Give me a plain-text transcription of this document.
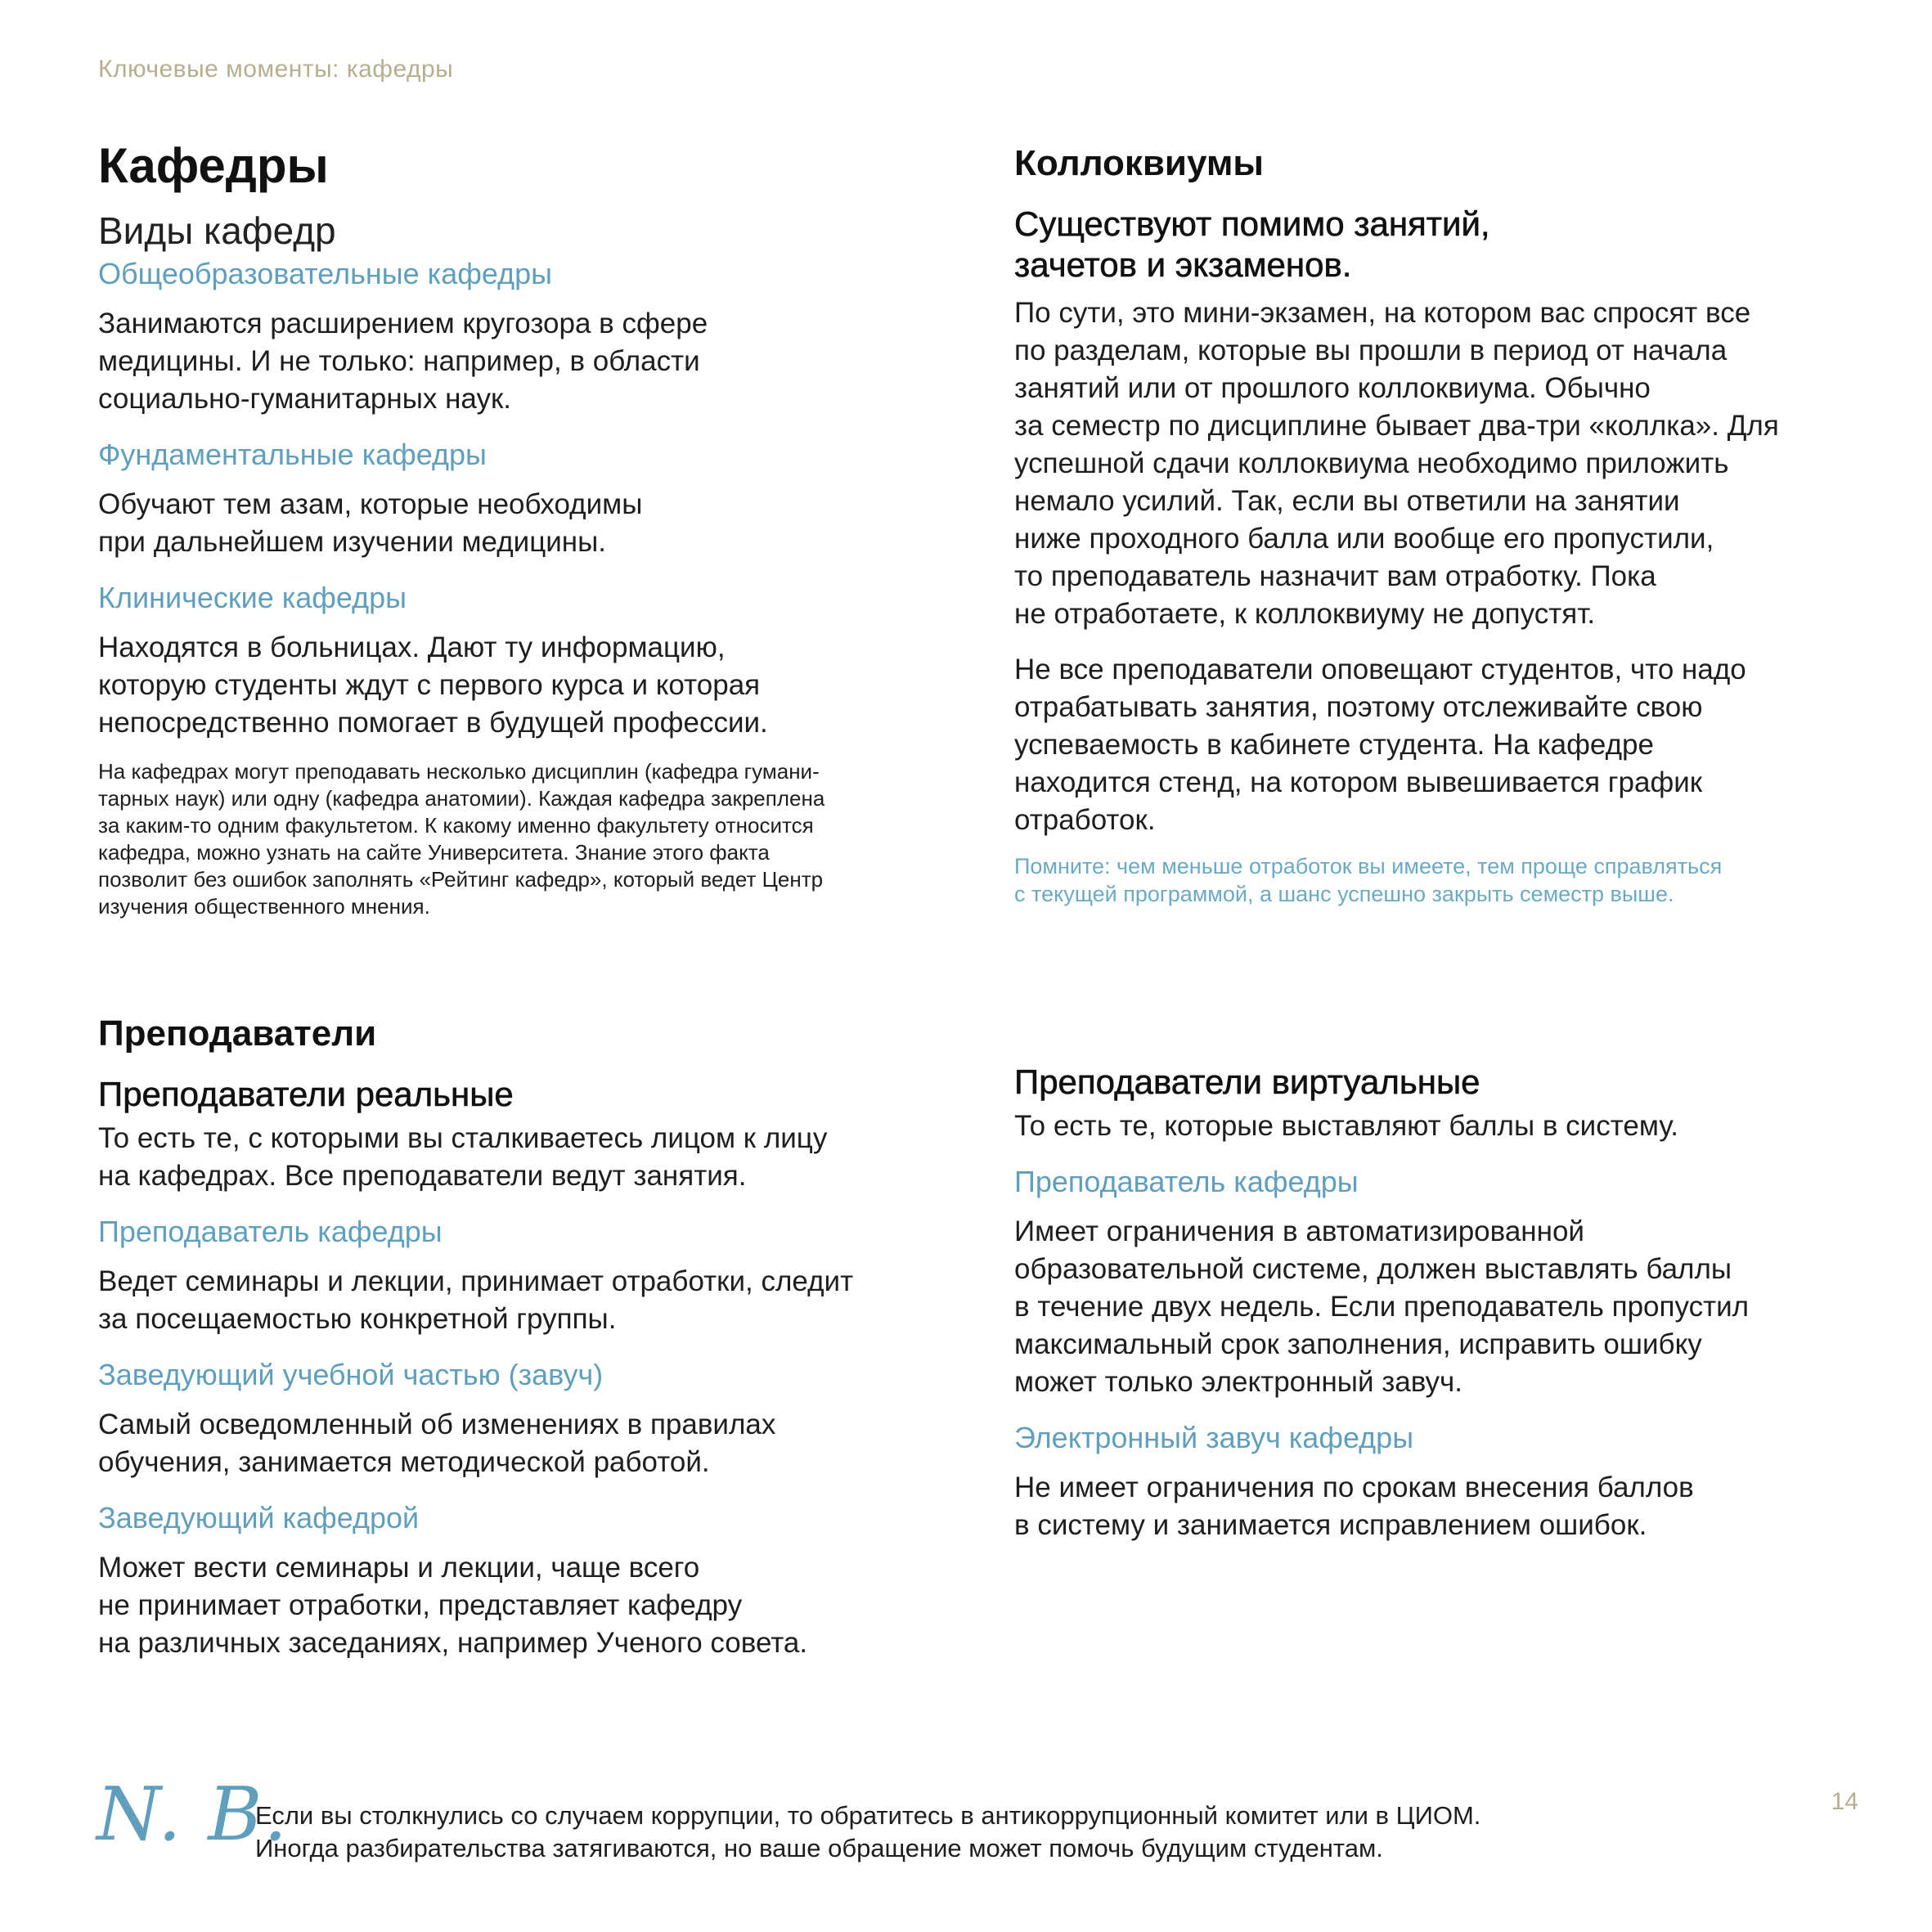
Ключевые моменты: кафедры
Кафедры
Виды кафедр
Общеобразовательные кафедры

Занимаются расширением кругозора в сфере
медицины. И не только: например, в области
социально-гуманитарных наук.

Фундаментальные кафедры

Обучают тем азам, которые необходимы
при дальнейшем изучении медицины.

Клинические кафедры

Находятся в больницах. Дают ту информацию,
которую студенты ждут с первого курса и которая
непосредственно помогает в будущей профессии.

На кафедрах могут преподавать несколько дисциплин (кафедра гумани-
тарных наук) или одну (кафедра анатомии). Каждая кафедра закреплена
за каким-то одним факультетом. К какому именно факультету относится
кафедра, можно узнать на сайте Университета. Знание этого факта
позволит без ошибок заполнять «Рейтинг кафедр», который ведет Центр
изучения общественного мнения.

Коллоквиумы
Существуют помимо занятий,
зачетов и экзаменов.

По сути, это мини-экзамен, на котором вас спросят все
по разделам, которые вы прошли в период от начала
занятий или от прошлого коллоквиума. Обычно
за семестр по дисциплине бывает два-три «коллка». Для
успешной сдачи коллоквиума необходимо приложить
немало усилий. Так, если вы ответили на занятии
ниже проходного балла или вообще его пропустили,
то преподаватель назначит вам отработку. Пока
не отработаете, к коллоквиуму не допустят.

Не все преподаватели оповещают студентов, что надо
отрабатывать занятия, поэтому отслеживайте свою
успеваемость в кабинете студента. На кафедре
находится стенд, на котором вывешивается график
отработок.

Помните: чем меньше отработок вы имеете, тем проще справляться
с текущей программой, а шанс успешно закрыть семестр выше.

Преподаватели
Преподаватели реальные

То есть те, с которыми вы сталкиваетесь лицом к лицу
на кафедрах. Все преподаватели ведут занятия.

Преподаватель кафедры

Ведет семинары и лекции, принимает отработки, следит
за посещаемостью конкретной группы.

Заведующий учебной частью (завуч)

Самый осведомленный об изменениях в правилах
обучения, занимается методической работой.

Заведующий кафедрой

Может вести семинары и лекции, чаще всего
не принимает отработки, представляет кафедру
на различных заседаниях, например Ученого совета.

Преподаватели виртуальные

То есть те, которые выставляют баллы в систему.

Преподаватель кафедры

Имеет ограничения в автоматизированной
образовательной системе, должен выставлять баллы
в течение двух недель. Если преподаватель пропустил
максимальный срок заполнения, исправить ошибку
может только электронный завуч.

Электронный завуч кафедры

Не имеет ограничения по срокам внесения баллов
в систему и занимается исправлением ошибок.

N. B.
Если вы столкнулись со случаем коррупции, то обратитесь в антикоррупционный комитет или в ЦИОМ.
Иногда разбирательства затягиваются, но ваше обращение может помочь будущим студентам.
14
